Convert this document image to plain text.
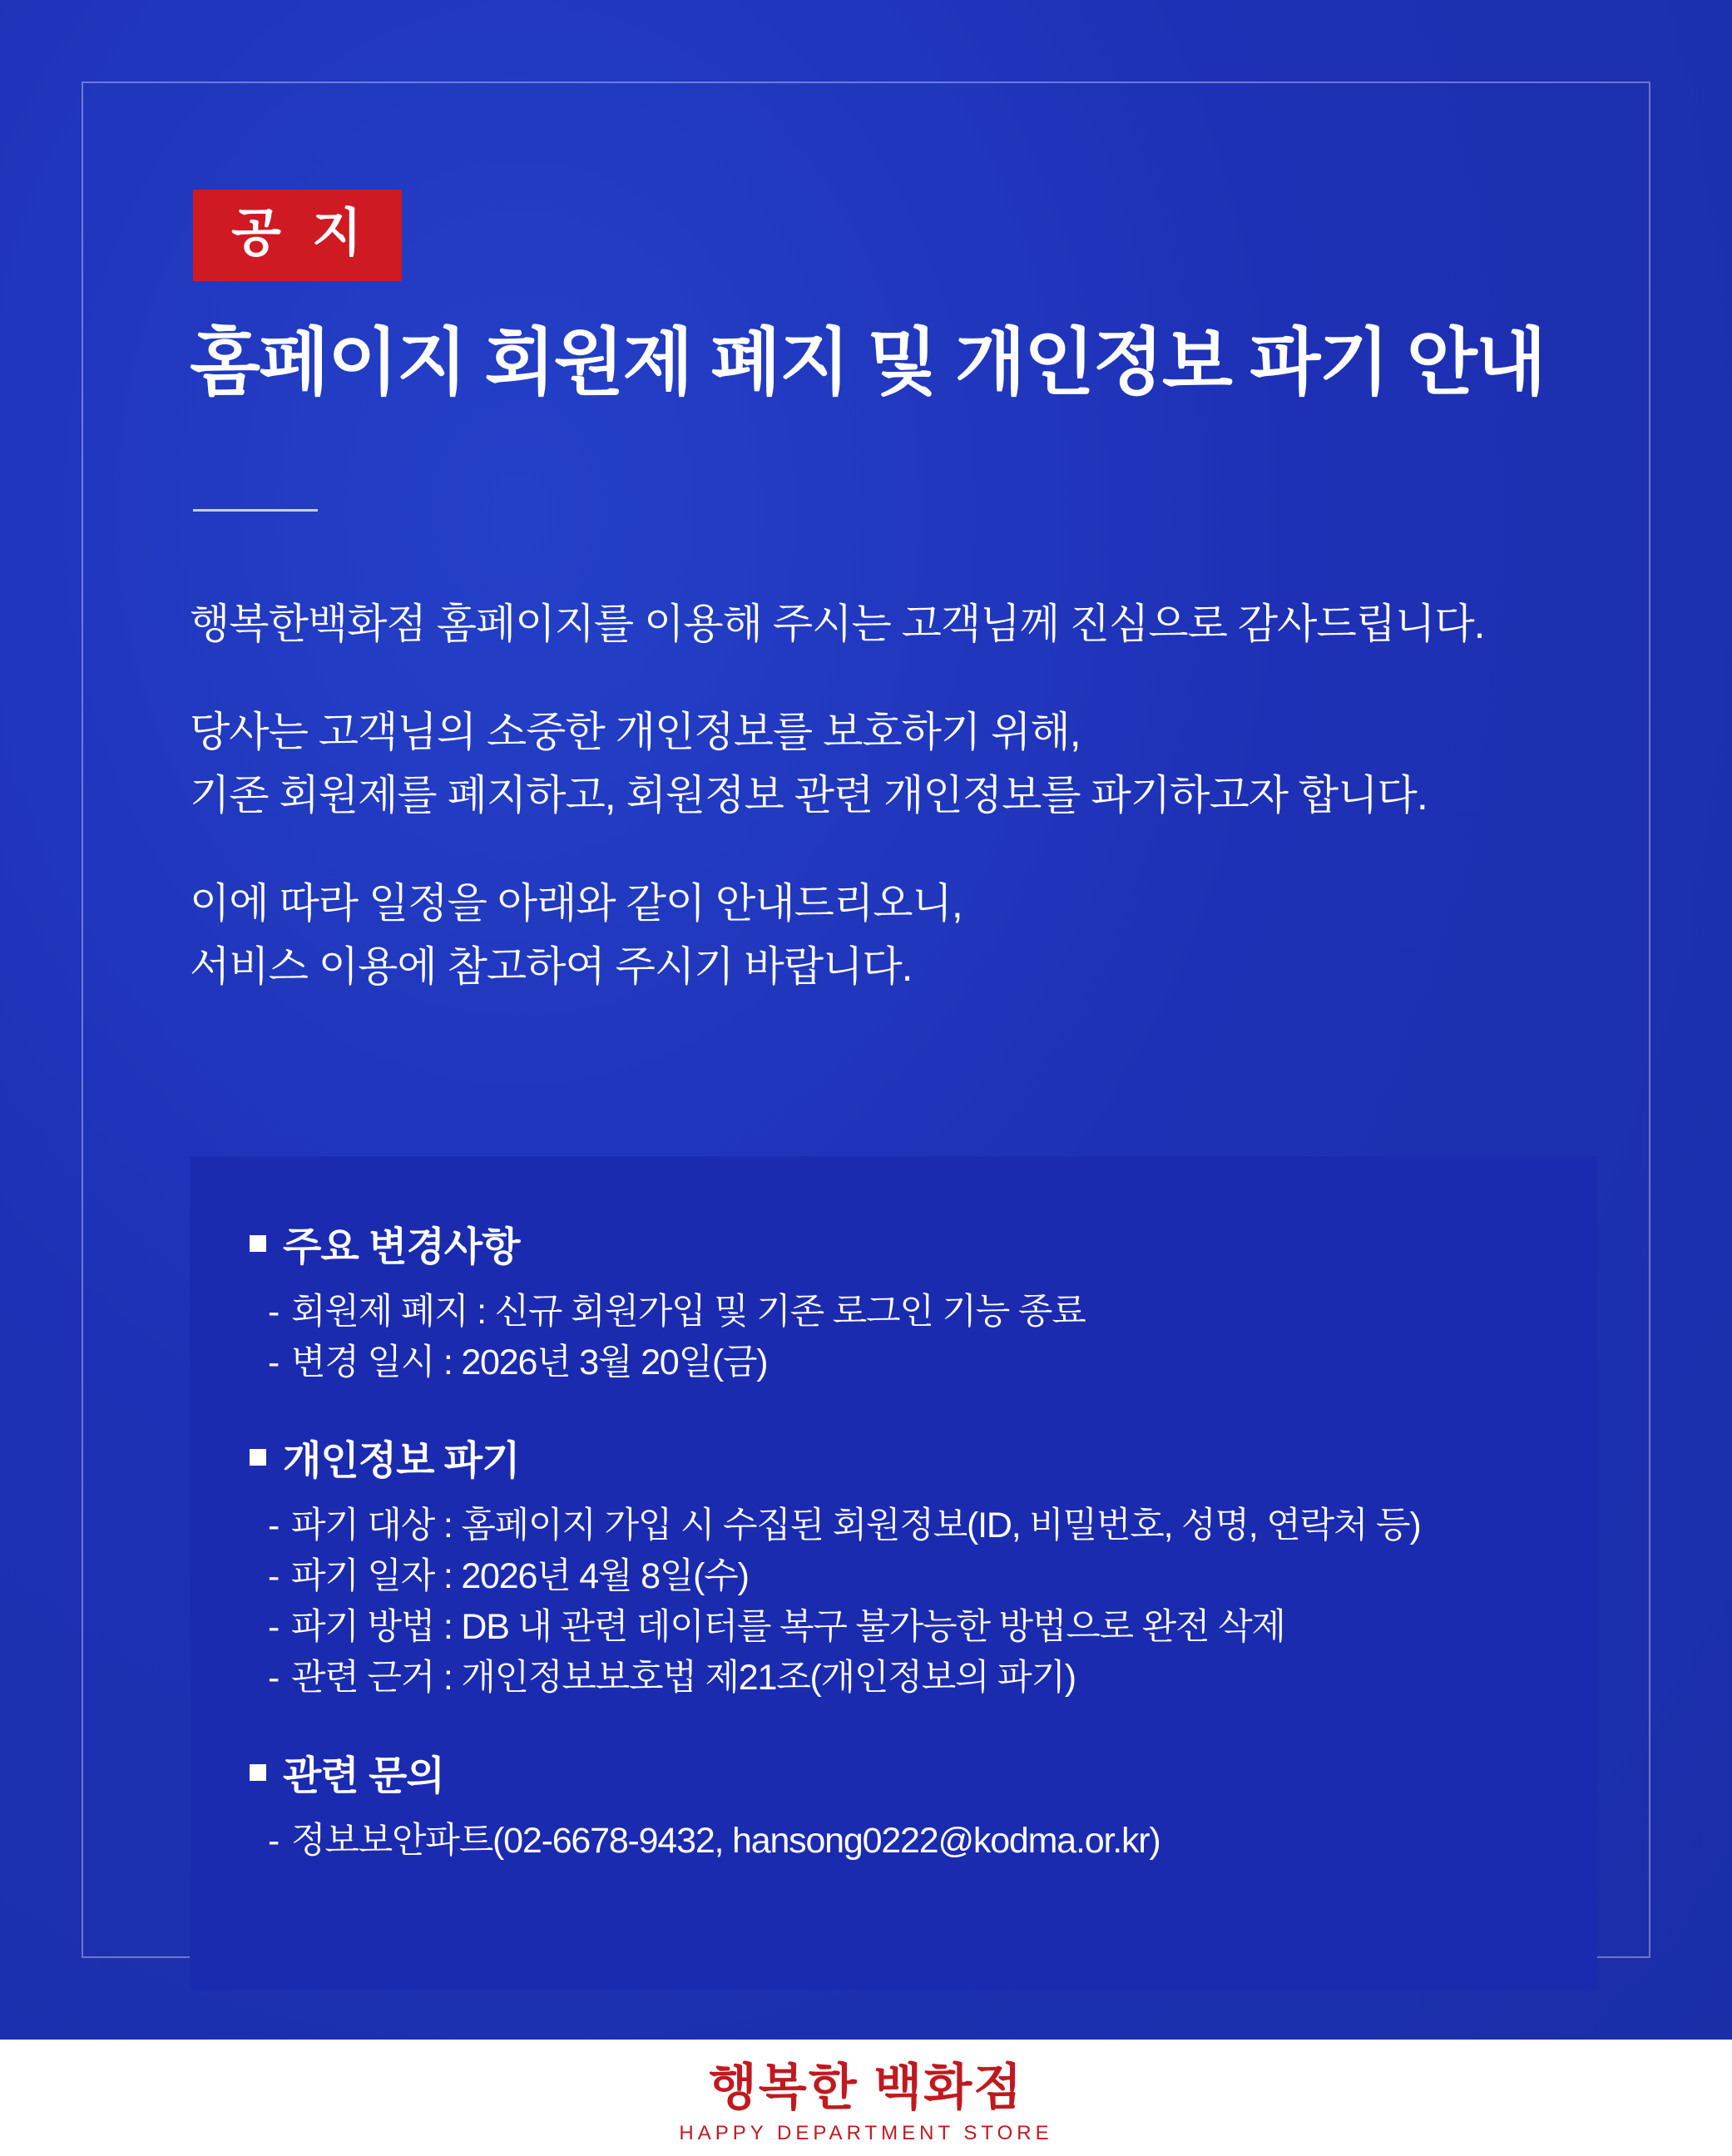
공 지
홈페이지 회원제 폐지 및 개인정보 파기 안내

행복한백화점 홈페이지를 이용해 주시는 고객님께 진심으로 감사드립니다.

당사는 고객님의 소중한 개인정보를 보호하기 위해,
기존 회원제를 폐지하고, 회원정보 관련 개인정보를 파기하고자 합니다.

이에 따라 일정을 아래와 같이 안내드리오니,
서비스 이용에 참고하여 주시기 바랍니다.

주요 변경사항
- 회원제 폐지 : 신규 회원가입 및 기존 로그인 기능 종료
- 변경 일시 : 2026년 3월 20일(금)
개인정보 파기
- 파기 대상 : 홈페이지 가입 시 수집된 회원정보(ID, 비밀번호, 성명, 연락처 등)
- 파기 일자 : 2026년 4월 8일(수)
- 파기 방법 : DB 내 관련 데이터를 복구 불가능한 방법으로 완전 삭제
- 관련 근거 : 개인정보보호법 제21조(개인정보의 파기)
관련 문의
- 정보보안파트(02-6678-9432, hansong0222@kodma.or.kr)
행복한 백화점
HAPPY DEPARTMENT STORE
